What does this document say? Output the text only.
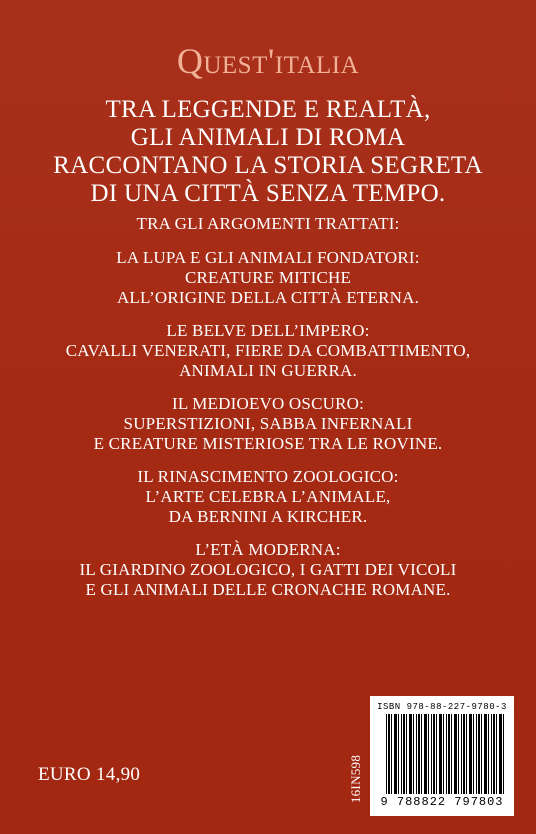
Quest'italia
TRA LEGGENDE E REALTÀ,
GLI ANIMALI DI ROMA
RACCONTANO LA STORIA SEGRETA
DI UNA CITTÀ SENZA TEMPO.
TRA GLI ARGOMENTI TRATTATI:
LA LUPA E GLI ANIMALI FONDATORI:
CREATURE MITICHE
ALL’ORIGINE DELLA CITTÀ ETERNA.
LE BELVE DELL’IMPERO:
CAVALLI VENERATI, FIERE DA COMBATTIMENTO,
ANIMALI IN GUERRA.
IL MEDIOEVO OSCURO:
SUPERSTIZIONI, SABBA INFERNALI
E CREATURE MISTERIOSE TRA LE ROVINE.
IL RINASCIMENTO ZOOLOGICO:
L’ARTE CELEBRA L’ANIMALE,
DA BERNINI A KIRCHER.
L’ETÀ MODERNA:
IL GIARDINO ZOOLOGICO, I GATTI DEI VICOLI
E GLI ANIMALI DELLE CRONACHE ROMANE.
EURO 14,90	16IN598
ISBN 978-88-227-9780-3
9 788822 797803
